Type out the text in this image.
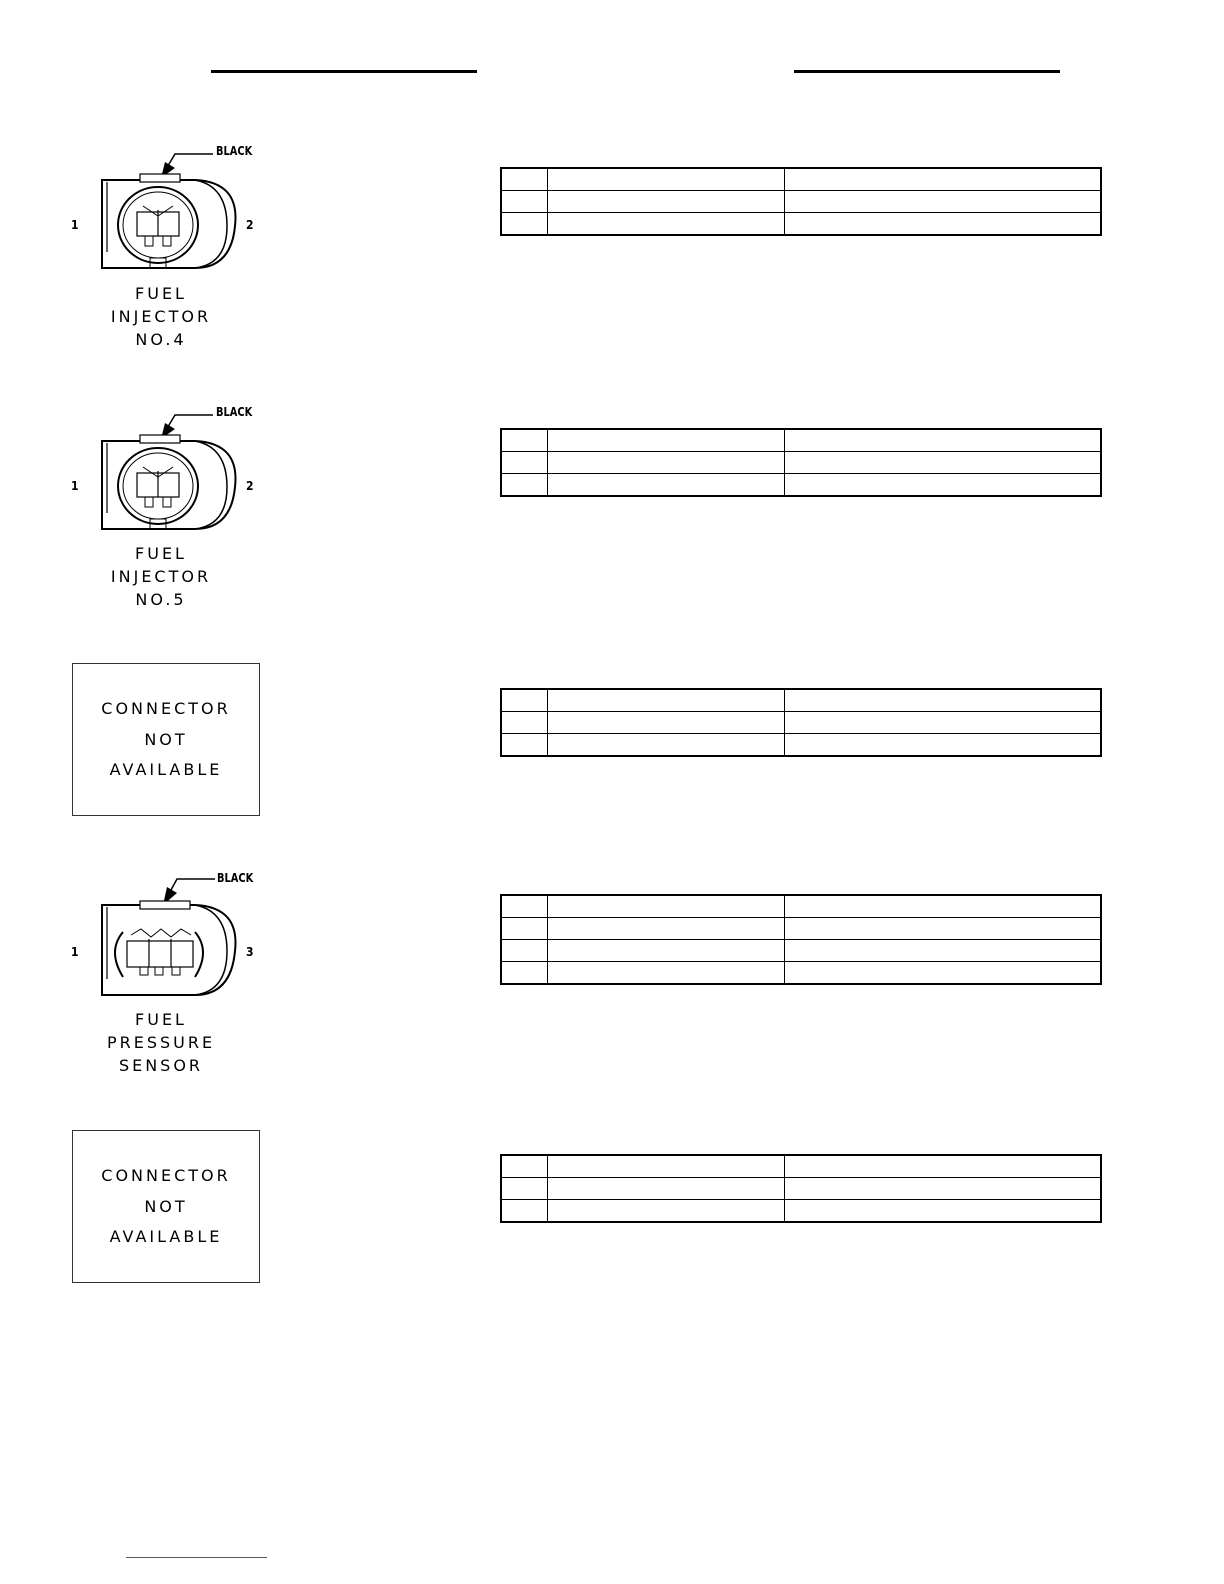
BLACK
1	2
FUEL
INJECTOR
NO.4

BLACK
1	2
FUEL
INJECTOR
NO.5

CONNECTOR
NOT
AVAILABLE

BLACK
1	3
FUEL
PRESSURE
SENSOR

CONNECTOR
NOT
AVAILABLE
